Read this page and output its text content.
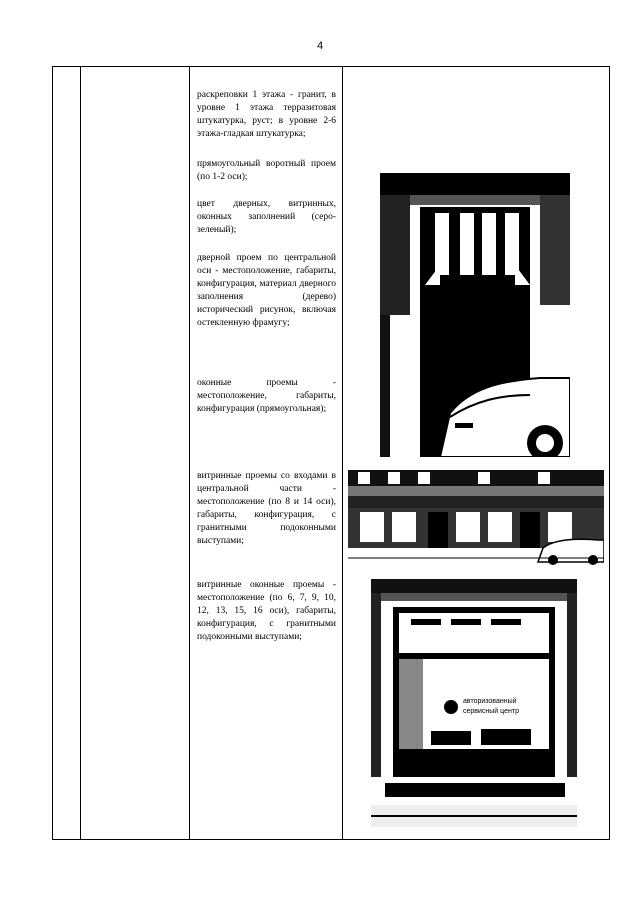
4

раскреповки 1 этажа - гранит, в уровне 1 этажа терразитовая штукатурка, руст; в уровне 2-6 этажа-гладкая штукатурка;

прямоугольный воротный проем (по 1-2 оси);

цвет дверных, витринных, оконных заполнений (серо-зеленый);

дверной проем по центральной оси - местоположение, габариты, конфигурация, материал дверного заполнения (дерево) исторический рисунок, включая остекленную фрамугу;

оконные проемы - местоположение, габариты, конфигурация (прямоугольная);

витринные проемы со входами в центральной части - местоположение (по 8 и 14 оси), габариты, конфигурация, с гранитными подоконными выступами;

витринные оконные проемы - местоположение (по 6, 7, 9, 10, 12, 13, 15, 16 оси), габариты, конфигурация, с гранитными подоконными выступами;

авторизованный
сервисный центр
